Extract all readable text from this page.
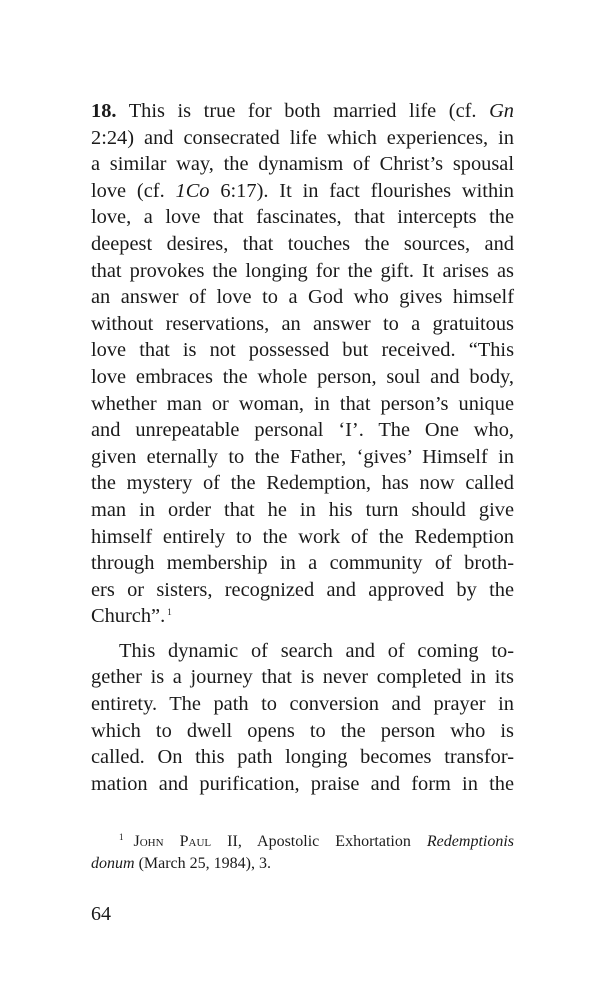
18. This is true for both married life (cf. Gn
2:24) and consecrated life which experiences, in
a similar way, the dynamism of Christ’s spousal
love (cf. 1Co 6:17). It in fact flourishes within
love, a love that fascinates, that intercepts the
deepest desires, that touches the sources, and
that provokes the longing for the gift. It arises as
an answer of love to a God who gives himself
without reservations, an answer to a gratuitous
love that is not possessed but received. “This
love embraces the whole person, soul and body,
whether man or woman, in that person’s unique
and unrepeatable personal ‘I’. The One who,
given eternally to the Father, ‘gives’ Himself in
the mystery of the Redemption, has now called
man in order that he in his turn should give
himself entirely to the work of the Redemption
through membership in a community of broth-
ers or sisters, recognized and approved by the
Church”. $^1$
This dynamic of search and of coming to-
gether is a journey that is never completed in its
entirety. The path to conversion and prayer in
which to dwell opens to the person who is
called. On this path longing becomes transfor-
mation and purification, praise and form in the
$^1$ John Paul II, Apostolic Exhortation Redemptionis
donum (March 25, 1984), 3.
64
